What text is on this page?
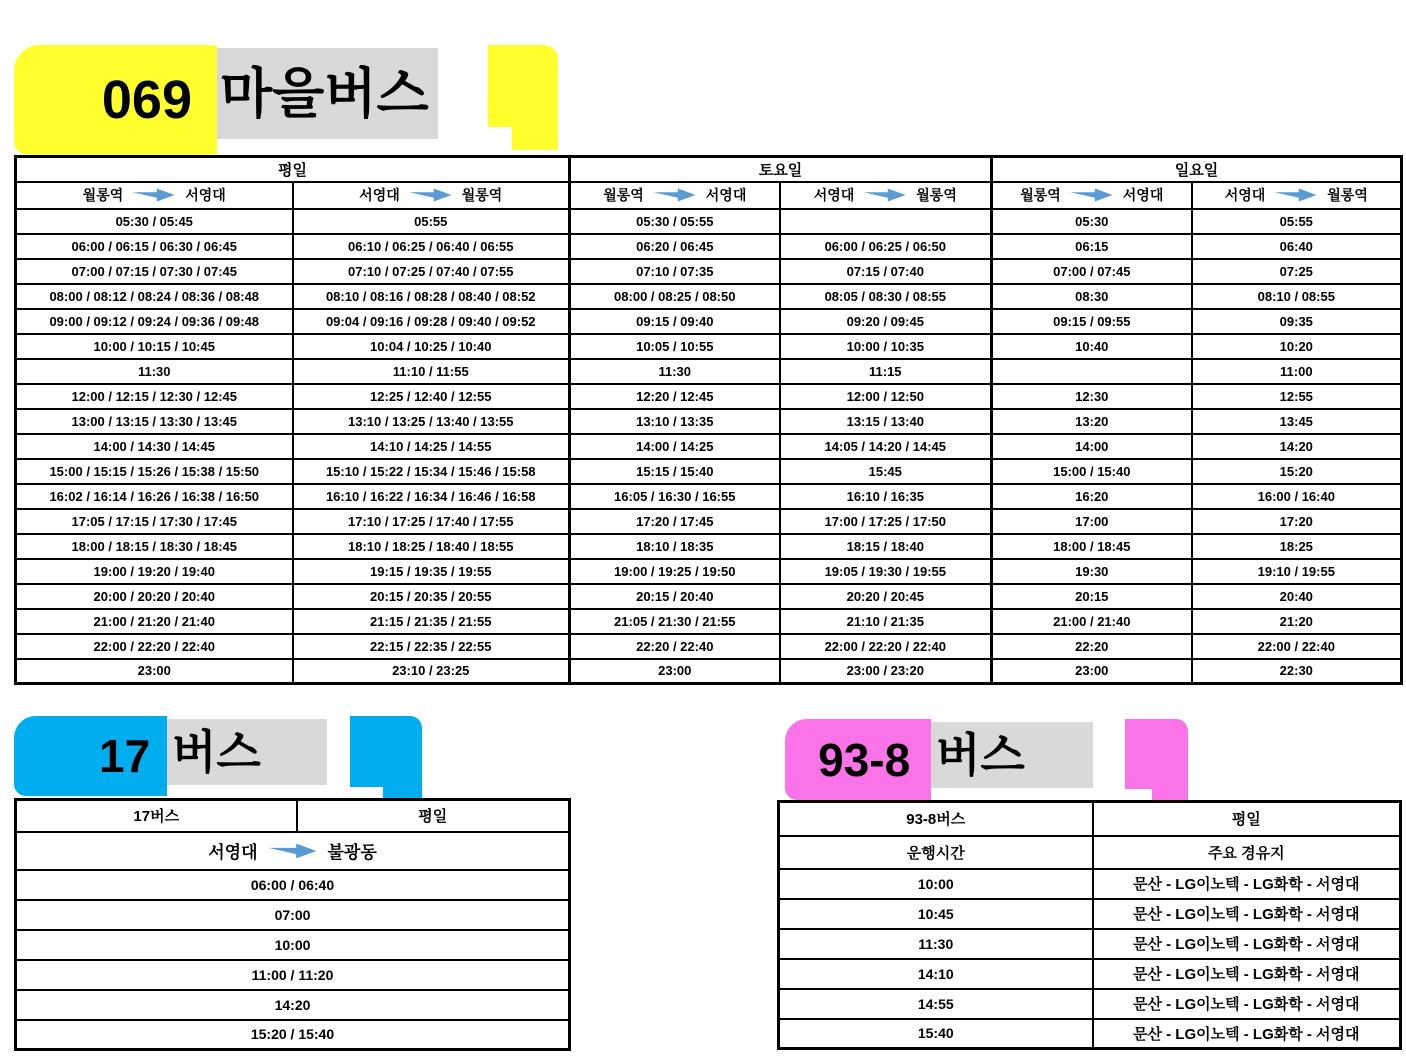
069 마을버스
평일		토요일		일요일	

월롱역 서영대	서영대 월롱역	월롱역 서영대	서영대 월롱역	월롱역 서영대	서영대 월롱역

05:30 / 05:45	05:55	05:30 / 05:55		05:30	05:55
06:00 / 06:15 / 06:30 / 06:45	06:10 / 06:25 / 06:40 / 06:55	06:20 / 06:45	06:00 / 06:25 / 06:50	06:15	06:40
07:00 / 07:15 / 07:30 / 07:45	07:10 / 07:25 / 07:40 / 07:55	07:10 / 07:35	07:15 / 07:40	07:00 / 07:45	07:25
08:00 / 08:12 / 08:24 / 08:36 / 08:48	08:10 / 08:16 / 08:28 / 08:40 / 08:52	08:00 / 08:25 / 08:50	08:05 / 08:30 / 08:55	08:30	08:10 / 08:55
09:00 / 09:12 / 09:24 / 09:36 / 09:48	09:04 / 09:16 / 09:28 / 09:40 / 09:52	09:15 / 09:40	09:20 / 09:45	09:15 / 09:55	09:35
10:00 / 10:15 / 10:45	10:04 / 10:25 / 10:40	10:05 / 10:55	10:00 / 10:35	10:40	10:20
11:30	11:10 / 11:55	11:30	11:15		11:00
12:00 / 12:15 / 12:30 / 12:45	12:25 / 12:40 / 12:55	12:20 / 12:45	12:00 / 12:50	12:30	12:55
13:00 / 13:15 / 13:30 / 13:45	13:10 / 13:25 / 13:40 / 13:55	13:10 / 13:35	13:15 / 13:40	13:20	13:45
14:00 / 14:30 / 14:45	14:10 / 14:25 / 14:55	14:00 / 14:25	14:05 / 14:20 / 14:45	14:00	14:20
15:00 / 15:15 / 15:26 / 15:38 / 15:50	15:10 / 15:22 / 15:34 / 15:46 / 15:58	15:15 / 15:40	15:45	15:00 / 15:40	15:20
16:02 / 16:14 / 16:26 / 16:38 / 16:50	16:10 / 16:22 / 16:34 / 16:46 / 16:58	16:05 / 16:30 / 16:55	16:10 / 16:35	16:20	16:00 / 16:40
17:05 / 17:15 / 17:30 / 17:45	17:10 / 17:25 / 17:40 / 17:55	17:20 / 17:45	17:00 / 17:25 / 17:50	17:00	17:20
18:00 / 18:15 / 18:30 / 18:45	18:10 / 18:25 / 18:40 / 18:55	18:10 / 18:35	18:15 / 18:40	18:00 / 18:45	18:25
19:00 / 19:20 / 19:40	19:15 / 19:35 / 19:55	19:00 / 19:25 / 19:50	19:05 / 19:30 / 19:55	19:30	19:10 / 19:55
20:00 / 20:20 / 20:40	20:15 / 20:35 / 20:55	20:15 / 20:40	20:20 / 20:45	20:15	20:40
21:00 / 21:20 / 21:40	21:15 / 21:35 / 21:55	21:05 / 21:30 / 21:55	21:10 / 21:35	21:00 / 21:40	21:20
22:00 / 22:20 / 22:40	22:15 / 22:35 / 22:55	22:20 / 22:40	22:00 / 22:20 / 22:40	22:20	22:00 / 22:40
23:00	23:10 / 23:25	23:00	23:00 / 23:20	23:00	22:30
17 버스
17버스	평일

서영대	불광동

06:00 / 06:40
07:00
10:00
11:00 / 11:20
14:20
15:20 / 15:40
93-8 버스
93-8버스	평일
운행시간	주요 경유지
10:00	문산 - LG이노텍 - LG화학 - 서영대
10:45	문산 - LG이노텍 - LG화학 - 서영대
11:30	문산 - LG이노텍 - LG화학 - 서영대
14:10	문산 - LG이노텍 - LG화학 - 서영대
14:55	문산 - LG이노텍 - LG화학 - 서영대
15:40	문산 - LG이노텍 - LG화학 - 서영대
